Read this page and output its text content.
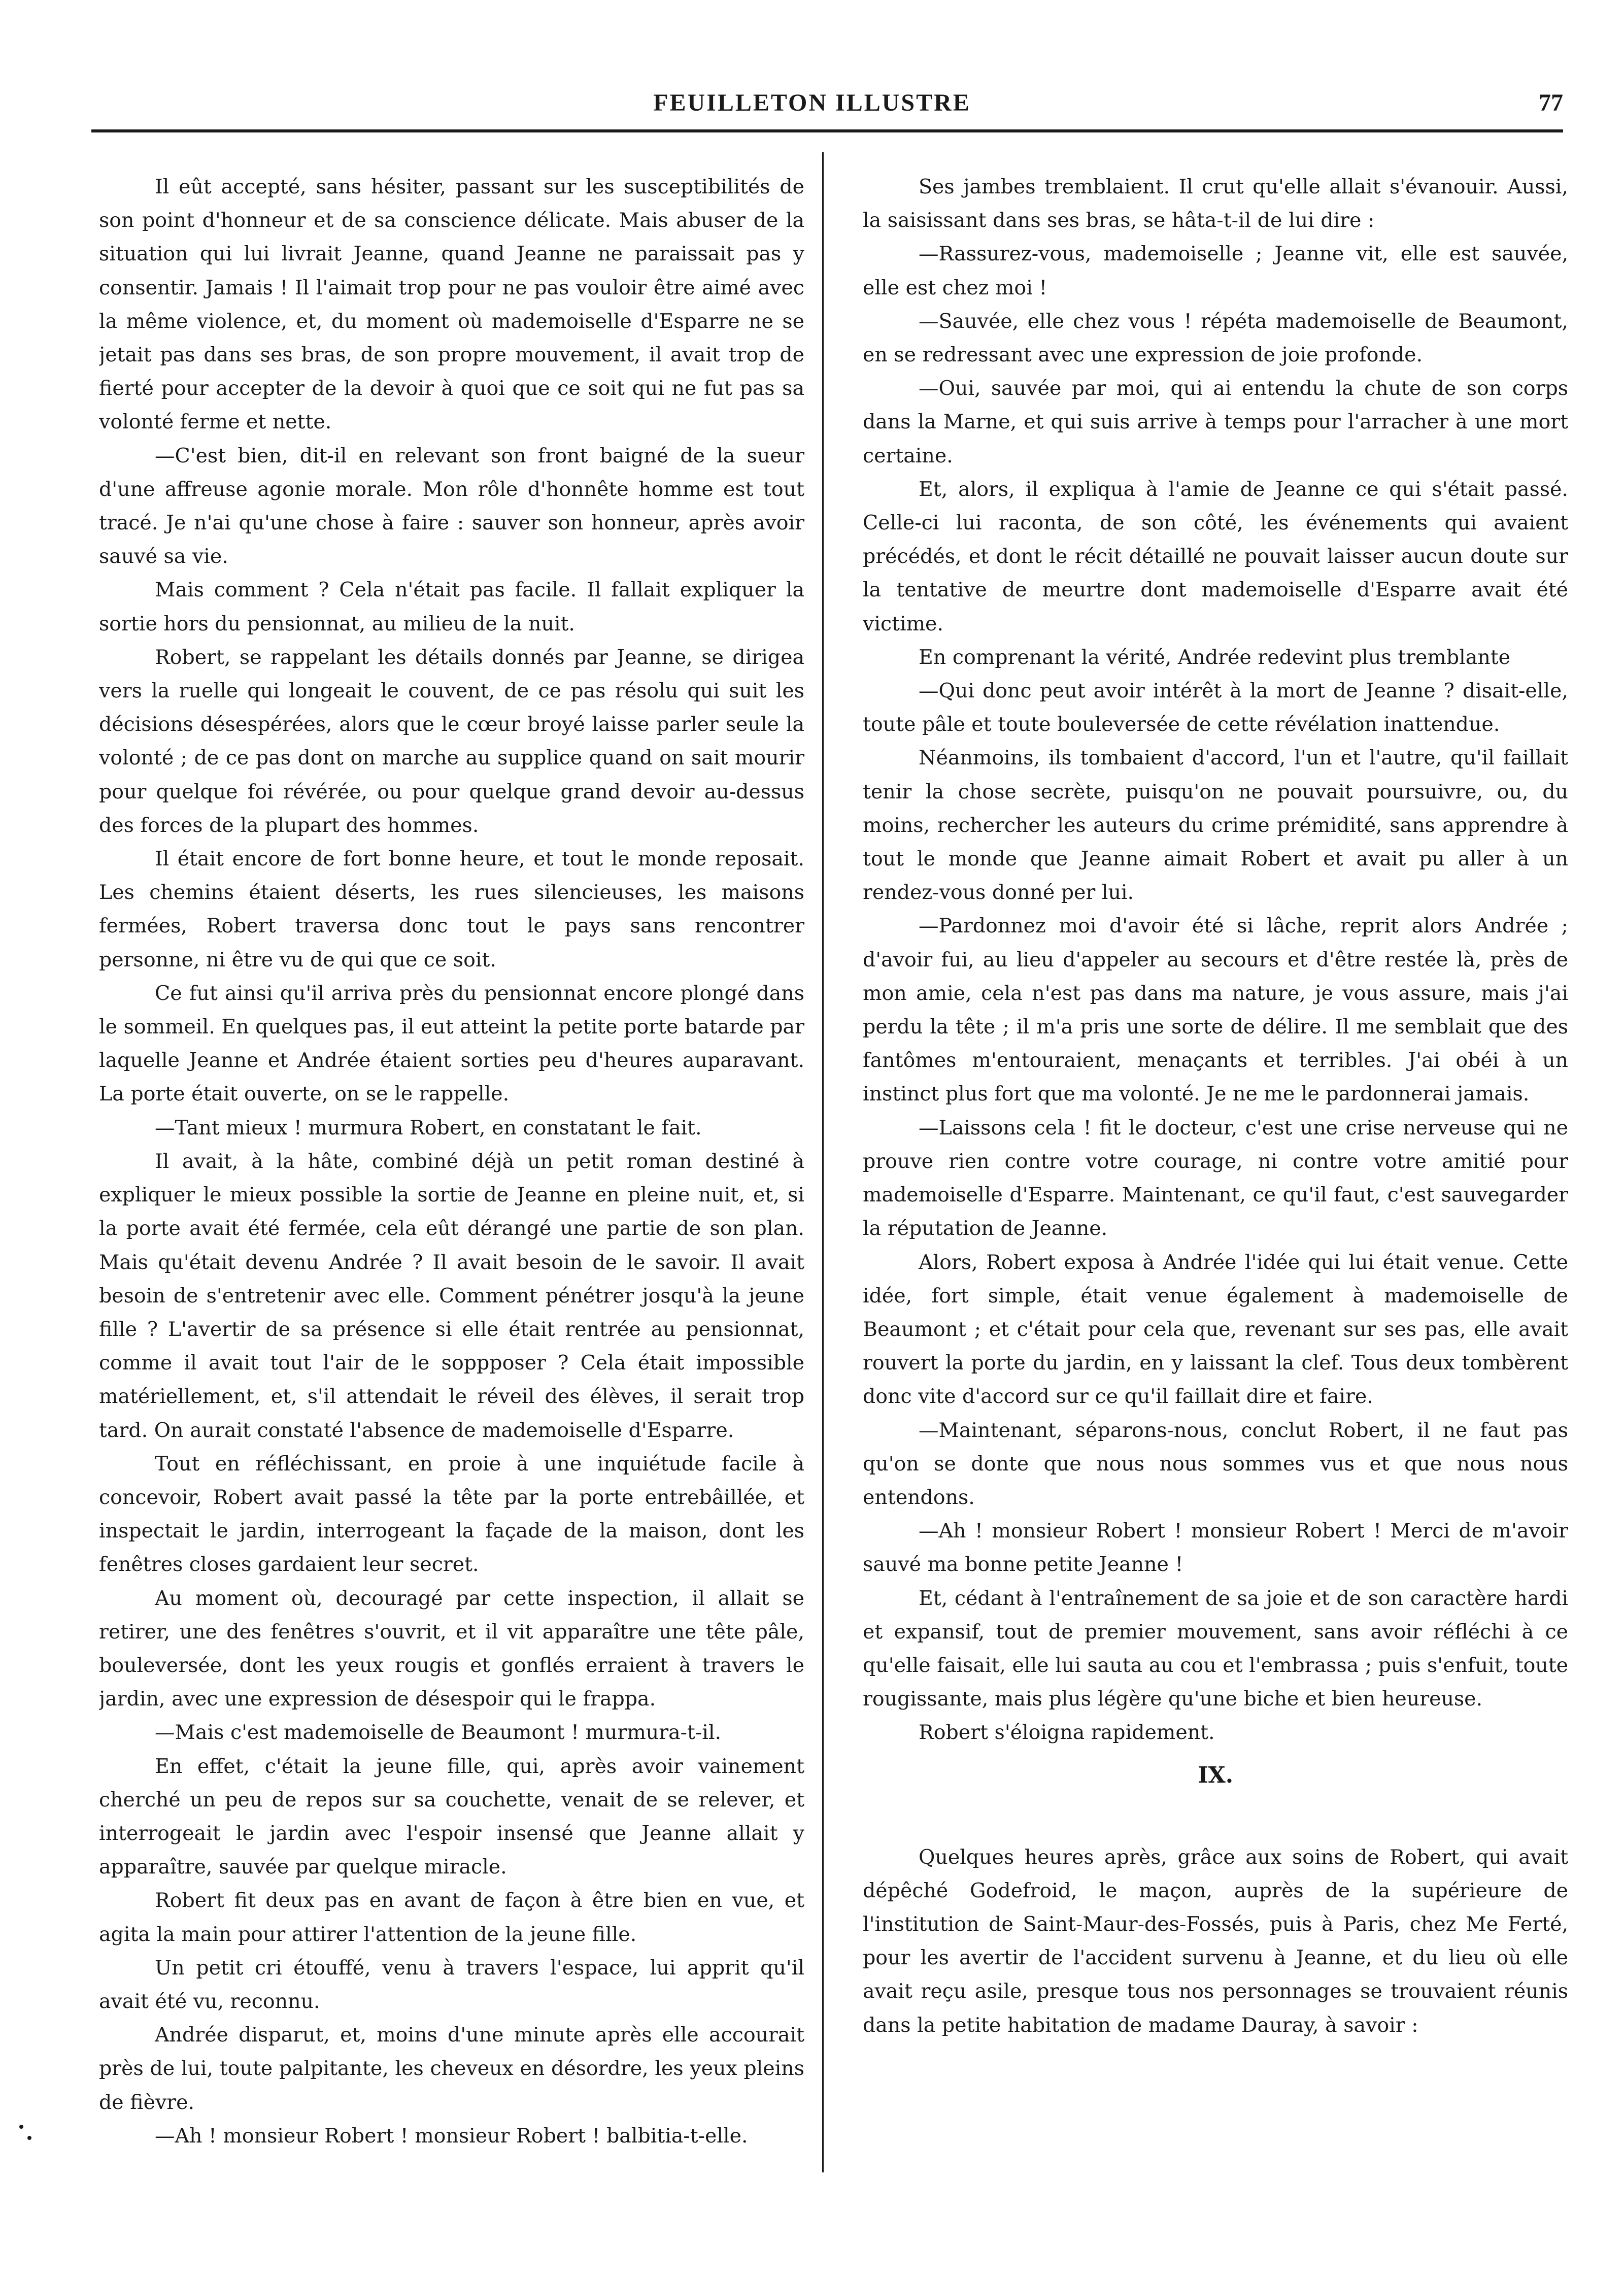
FEUILLETON ILLUSTRE	77

Il eût accepté, sans hésiter, passant sur les susceptibilités de son point d'honneur et de sa conscience délicate. Mais abuser de la situation qui lui livrait Jeanne, quand Jeanne ne paraissait pas y consentir. Jamais ! Il l'aimait trop pour ne pas vouloir être aimé avec la même violence, et, du moment où mademoiselle d'Esparre ne se jetait pas dans ses bras, de son propre mouvement, il avait trop de fierté pour accepter de la devoir à quoi que ce soit qui ne fut pas sa volonté ferme et nette.

—C'est bien, dit-il en relevant son front baigné de la sueur d'une affreuse agonie morale. Mon rôle d'honnête homme est tout tracé. Je n'ai qu'une chose à faire : sauver son honneur, après avoir sauvé sa vie.

Mais comment ? Cela n'était pas facile. Il fallait expliquer la sortie hors du pensionnat, au milieu de la nuit.

Robert, se rappelant les détails donnés par Jeanne, se dirigea vers la ruelle qui longeait le couvent, de ce pas résolu qui suit les décisions désespérées, alors que le cœur broyé laisse parler seule la volonté ; de ce pas dont on marche au supplice quand on sait mourir pour quelque foi révérée, ou pour quelque grand devoir au-dessus des forces de la plupart des hommes.

Il était encore de fort bonne heure, et tout le monde reposait. Les chemins étaient déserts, les rues silencieuses, les maisons fermées, Robert traversa donc tout le pays sans rencontrer personne, ni être vu de qui que ce soit.

Ce fut ainsi qu'il arriva près du pensionnat encore plongé dans le sommeil. En quelques pas, il eut atteint la petite porte batarde par laquelle Jeanne et Andrée étaient sorties peu d'heures auparavant. La porte était ouverte, on se le rappelle.

—Tant mieux ! murmura Robert, en constatant le fait.

Il avait, à la hâte, combiné déjà un petit roman destiné à expliquer le mieux possible la sortie de Jeanne en pleine nuit, et, si la porte avait été fermée, cela eût dérangé une partie de son plan. Mais qu'était devenu Andrée ? Il avait besoin de le savoir. Il avait besoin de s'entretenir avec elle. Comment pénétrer josqu'à la jeune fille ? L'avertir de sa présence si elle était rentrée au pensionnat, comme il avait tout l'air de le soppposer ? Cela était impossible matériellement, et, s'il attendait le réveil des élèves, il serait trop tard. On aurait constaté l'absence de mademoiselle d'Esparre.

Tout en réfléchissant, en proie à une inquiétude facile à concevoir, Robert avait passé la tête par la porte entrebâillée, et inspectait le jardin, interrogeant la façade de la maison, dont les fenêtres closes gardaient leur secret.

Au moment où, decouragé par cette inspection, il allait se retirer, une des fenêtres s'ouvrit, et il vit apparaître une tête pâle, bouleversée, dont les yeux rougis et gonflés erraient à travers le jardin, avec une expression de désespoir qui le frappa.

—Mais c'est mademoiselle de Beaumont ! murmura-t-il.

En effet, c'était la jeune fille, qui, après avoir vainement cherché un peu de repos sur sa couchette, venait de se relever, et interrogeait le jardin avec l'espoir insensé que Jeanne allait y apparaître, sauvée par quelque miracle.

Robert fit deux pas en avant de façon à être bien en vue, et agita la main pour attirer l'attention de la jeune fille.

Un petit cri étouffé, venu à travers l'espace, lui apprit qu'il avait été vu, reconnu.

Andrée disparut, et, moins d'une minute après elle accourait près de lui, toute palpitante, les cheveux en désordre, les yeux pleins de fièvre.

—Ah ! monsieur Robert ! monsieur Robert ! balbitia-t-elle.

Ses jambes tremblaient. Il crut qu'elle allait s'évanouir. Aussi, la saisissant dans ses bras, se hâta-t-il de lui dire :

—Rassurez-vous, mademoiselle ; Jeanne vit, elle est sauvée, elle est chez moi !

—Sauvée, elle chez vous ! répéta mademoiselle de Beaumont, en se redressant avec une expression de joie profonde.

—Oui, sauvée par moi, qui ai entendu la chute de son corps dans la Marne, et qui suis arrive à temps pour l'arracher à une mort certaine.

Et, alors, il expliqua à l'amie de Jeanne ce qui s'était passé. Celle-ci lui raconta, de son côté, les événements qui avaient précédés, et dont le récit détaillé ne pouvait laisser aucun doute sur la tentative de meurtre dont mademoiselle d'Esparre avait été victime.

En comprenant la vérité, Andrée redevint plus tremblante

—Qui donc peut avoir intérêt à la mort de Jeanne ? disait-elle, toute pâle et toute bouleversée de cette révélation inattendue.

Néanmoins, ils tombaient d'accord, l'un et l'autre, qu'il faillait tenir la chose secrète, puisqu'on ne pouvait poursuivre, ou, du moins, rechercher les auteurs du crime prémidité, sans apprendre à tout le monde que Jeanne aimait Robert et avait pu aller à un rendez-vous donné per lui.

—Pardonnez moi d'avoir été si lâche, reprit alors Andrée ; d'avoir fui, au lieu d'appeler au secours et d'être restée là, près de mon amie, cela n'est pas dans ma nature, je vous assure, mais j'ai perdu la tête ; il m'a pris une sorte de délire. Il me semblait que des fantômes m'entouraient, menaçants et terribles. J'ai obéi à un instinct plus fort que ma volonté. Je ne me le pardonnerai jamais.

—Laissons cela ! fit le docteur, c'est une crise nerveuse qui ne prouve rien contre votre courage, ni contre votre amitié pour mademoiselle d'Esparre. Maintenant, ce qu'il faut, c'est sauvegarder la réputation de Jeanne.

Alors, Robert exposa à Andrée l'idée qui lui était venue. Cette idée, fort simple, était venue également à mademoiselle de Beaumont ; et c'était pour cela que, revenant sur ses pas, elle avait rouvert la porte du jardin, en y laissant la clef. Tous deux tombèrent donc vite d'accord sur ce qu'il faillait dire et faire.

—Maintenant, séparons-nous, conclut Robert, il ne faut pas qu'on se donte que nous nous sommes vus et que nous nous entendons.

—Ah ! monsieur Robert ! monsieur Robert ! Merci de m'avoir sauvé ma bonne petite Jeanne !

Et, cédant à l'entraînement de sa joie et de son caractère hardi et expansif, tout de premier mouvement, sans avoir réfléchi à ce qu'elle faisait, elle lui sauta au cou et l'embrassa ; puis s'enfuit, toute rougissante, mais plus légère qu'une biche et bien heureuse.

Robert s'éloigna rapidement.

IX.

Quelques heures après, grâce aux soins de Robert, qui avait dépêché Godefroid, le maçon, auprès de la supérieure de l'institution de Saint-Maur-des-Fossés, puis à Paris, chez Me Ferté, pour les avertir de l'accident survenu à Jeanne, et du lieu où elle avait reçu asile, presque tous nos personnages se trouvaient réunis dans la petite habitation de madame Dauray, à savoir :
